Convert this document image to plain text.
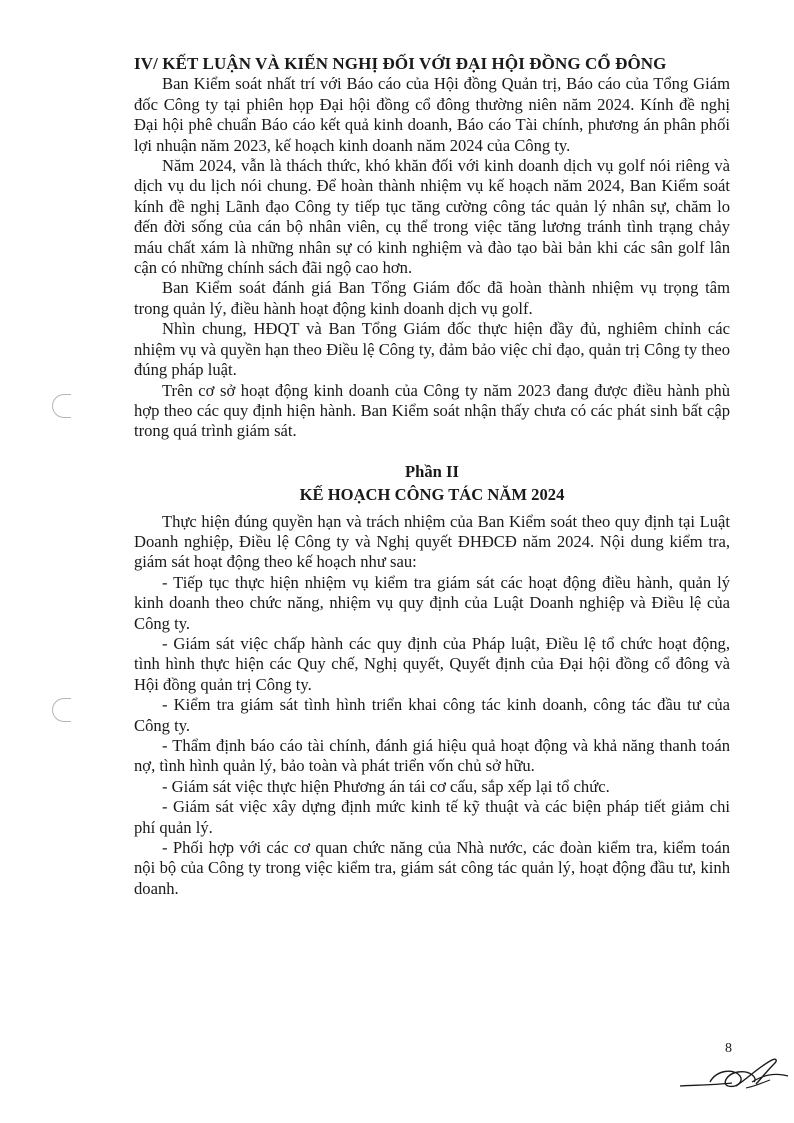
IV/ KẾT LUẬN VÀ KIẾN NGHỊ ĐỐI VỚI ĐẠI HỘI ĐỒNG CỔ ĐÔNG

Ban Kiểm soát nhất trí với Báo cáo của Hội đồng Quản trị, Báo cáo của Tổng Giám đốc Công ty tại phiên họp Đại hội đồng cổ đông thường niên năm 2024. Kính đề nghị Đại hội phê chuẩn Báo cáo kết quả kinh doanh, Báo cáo Tài chính, phương án phân phối lợi nhuận năm 2023, kế hoạch kinh doanh năm 2024 của Công ty.

Năm 2024, vẫn là thách thức, khó khăn đối với kinh doanh dịch vụ golf nói riêng và dịch vụ du lịch nói chung. Để hoàn thành nhiệm vụ kế hoạch năm 2024, Ban Kiểm soát kính đề nghị Lãnh đạo Công ty tiếp tục tăng cường công tác quản lý nhân sự, chăm lo đến đời sống của cán bộ nhân viên, cụ thể trong việc tăng lương tránh tình trạng chảy máu chất xám là những nhân sự có kinh nghiệm và đào tạo bài bản khi các sân golf lân cận có những chính sách đãi ngộ cao hơn.

Ban Kiểm soát đánh giá Ban Tổng Giám đốc đã hoàn thành nhiệm vụ trọng tâm trong quản lý, điều hành hoạt động kinh doanh dịch vụ golf.

Nhìn chung, HĐQT và Ban Tổng Giám đốc thực hiện đầy đủ, nghiêm chỉnh các nhiệm vụ và quyền hạn theo Điều lệ Công ty, đảm bảo việc chỉ đạo, quản trị Công ty theo đúng pháp luật.

Trên cơ sở hoạt động kinh doanh của Công ty năm 2023 đang được điều hành phù hợp theo các quy định hiện hành. Ban Kiểm soát nhận thấy chưa có các phát sinh bất cập trong quá trình giám sát.

Phần II
KẾ HOẠCH CÔNG TÁC NĂM 2024

Thực hiện đúng quyền hạn và trách nhiệm của Ban Kiểm soát theo quy định tại Luật Doanh nghiệp, Điều lệ Công ty và Nghị quyết ĐHĐCĐ năm 2024. Nội dung kiểm tra, giám sát hoạt động theo kế hoạch như sau:

- Tiếp tục thực hiện nhiệm vụ kiểm tra giám sát các hoạt động điều hành, quản lý kinh doanh theo chức năng, nhiệm vụ quy định của Luật Doanh nghiệp và Điều lệ của Công ty.

- Giám sát việc chấp hành các quy định của Pháp luật, Điều lệ tổ chức hoạt động, tình hình thực hiện các Quy chế, Nghị quyết, Quyết định của Đại hội đồng cổ đông và Hội đồng quản trị Công ty.

- Kiểm tra giám sát tình hình triển khai công tác kinh doanh, công tác đầu tư của Công ty.

- Thẩm định báo cáo tài chính, đánh giá hiệu quả hoạt động và khả năng thanh toán nợ, tình hình quản lý, bảo toàn và phát triển vốn chủ sở hữu.

- Giám sát việc thực hiện Phương án tái cơ cấu, sắp xếp lại tổ chức.

- Giám sát việc xây dựng định mức kinh tế kỹ thuật và các biện pháp tiết giảm chi phí quản lý.

- Phối hợp với các cơ quan chức năng của Nhà nước, các đoàn kiểm tra, kiểm toán nội bộ của Công ty trong việc kiểm tra, giám sát công tác quản lý, hoạt động đầu tư, kinh doanh.

8
